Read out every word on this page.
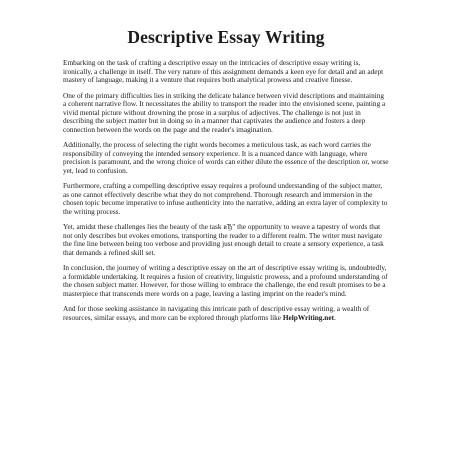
Descriptive Essay Writing

Embarking on the task of crafting a descriptive essay on the intricacies of descriptive essay writing is, ironically, a challenge in itself. The very nature of this assignment demands a keen eye for detail and an adept mastery of language, making it a venture that requires both analytical prowess and creative finesse.

One of the primary difficulties lies in striking the delicate balance between vivid descriptions and maintaining a coherent narrative flow. It necessitates the ability to transport the reader into the envisioned scene, painting a vivid mental picture without drowning the prose in a surplus of adjectives. The challenge is not just in describing the subject matter but in doing so in a manner that captivates the audience and fosters a deep connection between the words on the page and the reader's imagination.

Additionally, the process of selecting the right words becomes a meticulous task, as each word carries the responsibility of conveying the intended sensory experience. It is a nuanced dance with language, where precision is paramount, and the wrong choice of words can either dilute the essence of the description or, worse yet, lead to confusion.

Furthermore, crafting a compelling descriptive essay requires a profound understanding of the subject matter, as one cannot effectively describe what they do not comprehend. Thorough research and immersion in the chosen topic become imperative to infuse authenticity into the narrative, adding an extra layer of complexity to the writing process.

Yet, amidst these challenges lies the beauty of the task вЂ" the opportunity to weave a tapestry of words that not only describes but evokes emotions, transporting the reader to a different realm. The writer must navigate the fine line between being too verbose and providing just enough detail to create a sensory experience, a task that demands a refined skill set.

In conclusion, the journey of writing a descriptive essay on the art of descriptive essay writing is, undoubtedly, a formidable undertaking. It requires a fusion of creativity, linguistic prowess, and a profound understanding of the chosen subject matter. However, for those willing to embrace the challenge, the end result promises to be a masterpiece that transcends mere words on a page, leaving a lasting imprint on the reader's mind.

And for those seeking assistance in navigating this intricate path of descriptive essay writing, a wealth of resources, similar essays, and more can be explored through platforms like HelpWriting.net.
